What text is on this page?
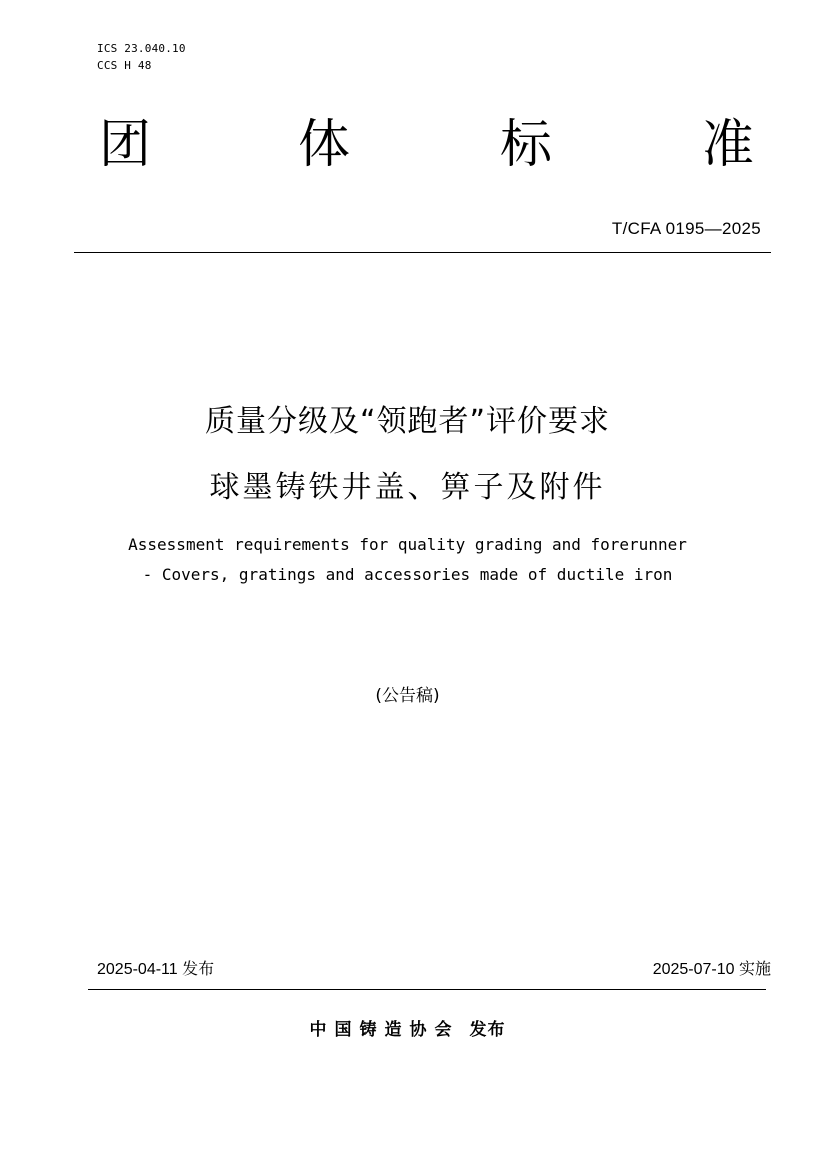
ICS 23.040.10
CCS H 48
团	体	标	准
T/CFA 0195—2025
质量分级及“领跑者”评价要求
球墨铸铁井盖、箅子及附件
Assessment requirements for quality grading and forerunner
- Covers, gratings and accessories made of ductile iron
(公告稿)
2025-04-11 发布	2025-07-10 实施
中国铸造协会 发布
